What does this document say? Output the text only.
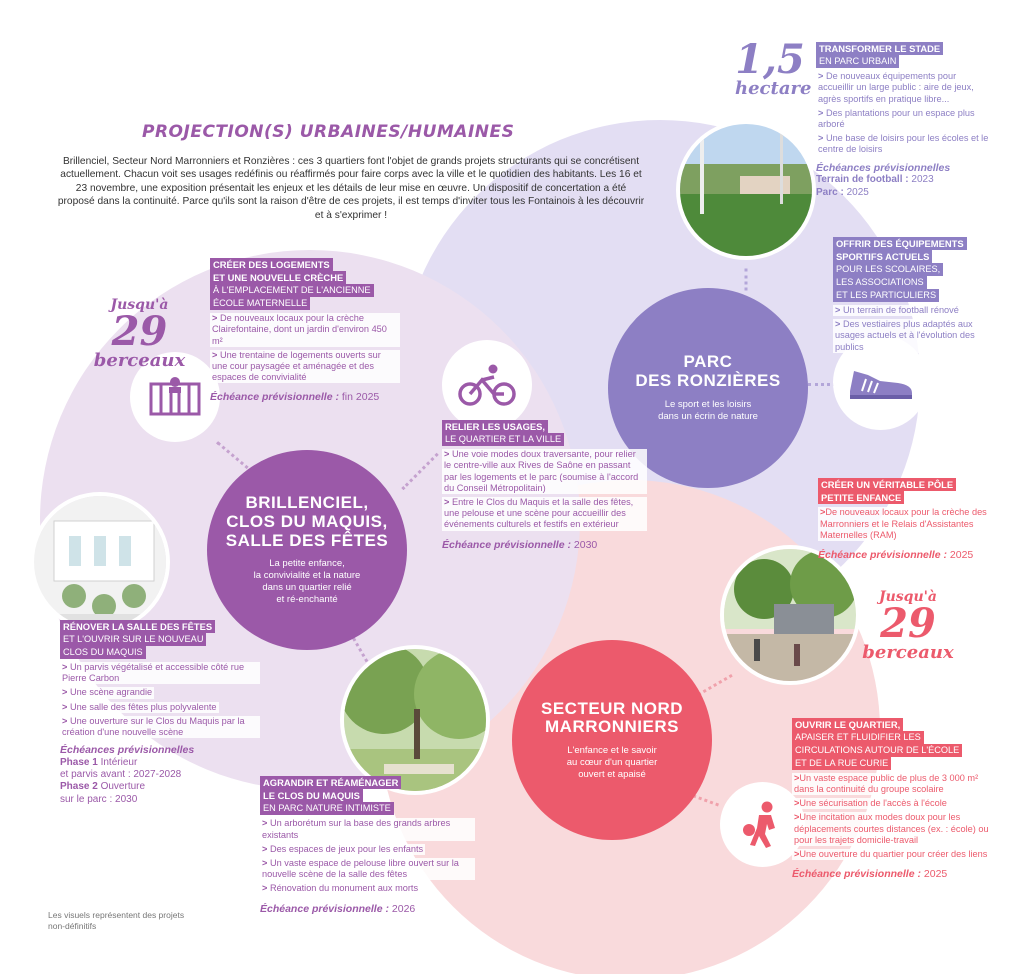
PROJECTION(S) URBAINES/HUMAINES
Brillenciel, Secteur Nord Marronniers et Ronzières : ces 3 quartiers font l'objet de grands projets structurants qui se concrétisent actuellement. Chacun voit ses usages redéfinis ou réaffirmés pour faire corps avec la ville et le quotidien des habitants. Les 16 et 23 novembre, une exposition présentait les enjeux et les détails de leur mise en œuvre. Un dispositif de concertation a été proposé dans la continuité. Parce qu'ils sont la raison d'être de ces projets, il est temps d'inviter tous les Fontainois à les découvrir et à s'exprimer !
PARC
DES RONZIÈRES

Le sport et les loisirs
dans un écrin de nature

BRILLENCIEL,
CLOS DU MAQUIS,
SALLE DES FÊTES

La petite enfance,
la convivialité et la nature
dans un quartier relié
et ré-enchanté

SECTEUR NORD
MARRONNIERS

L'enfance et le savoir
au cœur d'un quartier
ouvert et apaisé

1,5
hectare
Jusqu'à
29
berceaux
Jusqu'à
29
berceaux
TRANSFORMER LE STADE
EN PARC URBAIN
> De nouveaux équipements pour accueillir un large public : aire de jeux, agrès sportifs en pratique libre... > Des plantations pour un espace plus arboré > Une base de loisirs pour les écoles et le centre de loisirs
Échéances prévisionnelles
Terrain de football : 2023
Parc : 2025
OFFRIR DES ÉQUIPEMENTS
SPORTIFS ACTUELS
POUR LES SCOLAIRES,
LES ASSOCIATIONS
ET LES PARTICULIERS
> Un terrain de football rénové > Des vestiaires plus adaptés aux usages actuels et à l'évolution des publics
CRÉER DES LOGEMENTS
ET UNE NOUVELLE CRÈCHE
À L'EMPLACEMENT DE L'ANCIENNE
ÉCOLE MATERNELLE
> De nouveaux locaux pour la crèche Clairefontaine, dont un jardin d'environ 450 m² > Une trentaine de logements ouverts sur une cour paysagée et aménagée et des espaces de convivialité
Échéance prévisionnelle : fin 2025
RELIER LES USAGES,
LE QUARTIER ET LA VILLE
> Une voie modes doux traversante, pour relier le centre-ville aux Rives de Saône en passant par les logements et le parc (soumise à l'accord du Conseil Métropolitain) > Entre le Clos du Maquis et la salle des fêtes, une pelouse et une scène pour accueillir des événements culturels et festifs en extérieur
Échéance prévisionnelle : 2030
CRÉER UN VÉRITABLE PÔLE
PETITE ENFANCE
>De nouveaux locaux pour la crèche des Marronniers et le Relais d'Assistantes Maternelles (RAM)
Échéance prévisionnelle : 2025
RÉNOVER LA SALLE DES FÊTES
ET L'OUVRIR SUR LE NOUVEAU
CLOS DU MAQUIS
> Un parvis végétalisé et accessible côté rue Pierre Carbon > Une scène agrandie > Une salle des fêtes plus polyvalente > Une ouverture sur le Clos du Maquis par la création d'une nouvelle scène
Échéances prévisionnelles
Phase 1 Intérieur
et parvis avant : 2027-2028
Phase 2 Ouverture
sur le parc : 2030
AGRANDIR ET RÉAMÉNAGER
LE CLOS DU MAQUIS
EN PARC NATURE INTIMISTE
> Un arborétum sur la base des grands arbres existants > Des espaces de jeux pour les enfants > Un vaste espace de pelouse libre ouvert sur la nouvelle scène de la salle des fêtes > Rénovation du monument aux morts
Échéance prévisionnelle : 2026
OUVRIR LE QUARTIER,
APAISER ET FLUIDIFIER LES
CIRCULATIONS AUTOUR DE L'ÉCOLE
ET DE LA RUE CURIE
>Un vaste espace public de plus de 3 000 m² dans la continuité du groupe scolaire >Une sécurisation de l'accès à l'école >Une incitation aux modes doux pour les déplacements courtes distances (ex. : école) ou pour les trajets domicile-travail >Une ouverture du quartier pour créer des liens
Échéance prévisionnelle : 2025
Les visuels représentent des projets
non-définitifs
